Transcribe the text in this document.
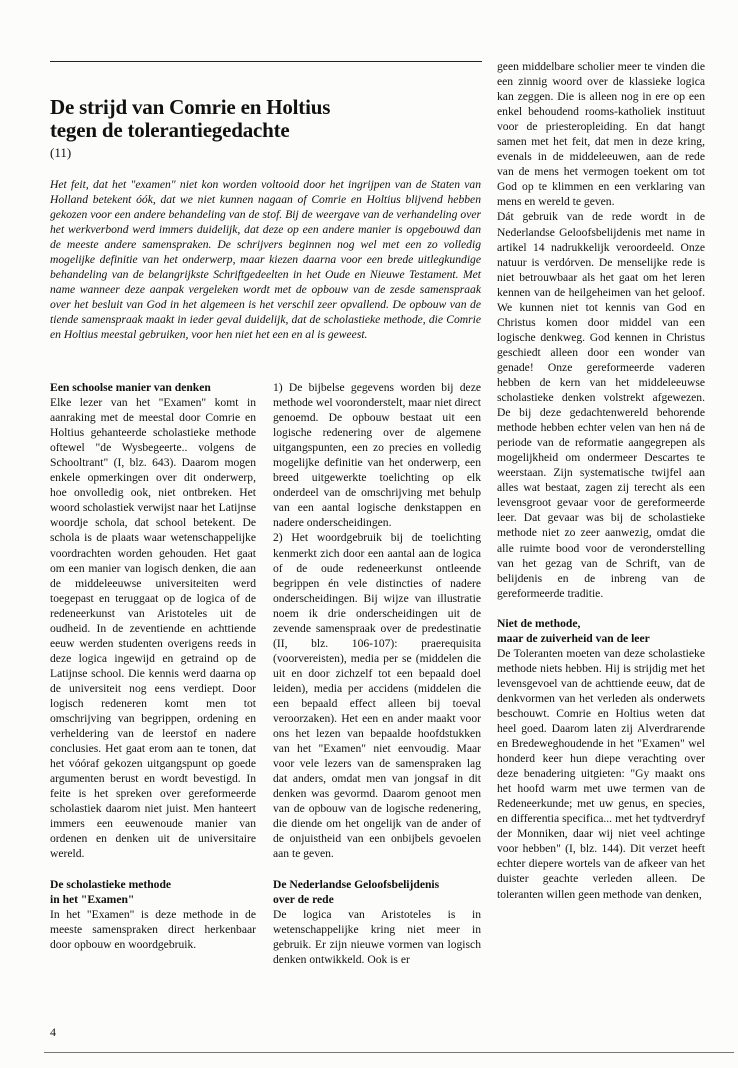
De strijd van Comrie en Holtius
tegen de tolerantiegedachte
(11)

Het feit, dat het "examen" niet kon worden voltooid door het ingrijpen van de Staten van Holland betekent óók, dat we niet kunnen nagaan of Comrie en Holtius blijvend hebben gekozen voor een andere behandeling van de stof. Bij de weergave van de verhandeling over het werkverbond werd immers duidelijk, dat deze op een andere manier is opgebouwd dan de meeste andere samenspraken. De schrijvers beginnen nog wel met een zo volledig mogelijke definitie van het onderwerp, maar kiezen daarna voor een brede uitlegkundige behandeling van de belangrijkste Schriftgedeelten in het Oude en Nieuwe Testament. Met name wanneer deze aanpak vergeleken wordt met de opbouw van de zesde samenspraak over het besluit van God in het algemeen is het verschil zeer opvallend. De opbouw van de tiende samenspraak maakt in ieder geval duidelijk, dat de scholastieke methode, die Comrie en Holtius meestal gebruiken, voor hen niet het een en al is geweest.

Een schoolse manier van denken

Elke lezer van het "Examen" komt in aanraking met de meestal door Comrie en Holtius gehanteerde scholastieke methode oftewel "de Wysbegeerte.. volgens de Schooltrant" (I, blz. 643). Daarom mogen enkele opmerkingen over dit onderwerp, hoe onvolledig ook, niet ontbreken. Het woord scholastiek verwijst naar het Latijnse woordje schola, dat school betekent. De schola is de plaats waar wetenschappelijke voordrachten worden gehouden. Het gaat om een manier van logisch denken, die aan de middeleeuwse universiteiten werd toegepast en teruggaat op de logica of de redeneerkunst van Aristoteles uit de oudheid. In de zeventiende en achttiende eeuw werden studenten overigens reeds in deze logica ingewijd en getraind op de Latijnse school. Die kennis werd daarna op de universiteit nog eens verdiept. Door logisch redeneren komt men tot omschrijving van begrippen, ordening en verheldering van de leerstof en nadere conclusies. Het gaat erom aan te tonen, dat het vóóraf gekozen uitgangspunt op goede argumenten berust en wordt bevestigd. In feite is het spreken over gereformeerde scholastiek daarom niet juist. Men hanteert immers een eeuwenoude manier van ordenen en denken uit de universitaire wereld.

De scholastieke methode
in het "Examen"

In het "Examen" is deze methode in de meeste samenspraken direct herkenbaar door opbouw en woordgebruik.

1) De bijbelse gegevens worden bij deze methode wel vooronderstelt, maar niet direct genoemd. De opbouw bestaat uit een logische redenering over de algemene uitgangspunten, een zo precies en volledig mogelijke definitie van het onderwerp, een breed uitgewerkte toelichting op elk onderdeel van de omschrijving met behulp van een aantal logische denkstappen en nadere onderscheidingen.

2) Het woordgebruik bij de toelichting kenmerkt zich door een aantal aan de logica of de oude redeneerkunst ontleende begrippen én vele distincties of nadere onderscheidingen. Bij wijze van illustratie noem ik drie onderscheidingen uit de zevende samenspraak over de predestinatie (II, blz. 106-107): praerequisita (voorvereisten), media per se (middelen die uit en door zichzelf tot een bepaald doel leiden), media per accidens (middelen die een bepaald effect alleen bij toeval veroorzaken). Het een en ander maakt voor ons het lezen van bepaalde hoofdstukken van het "Examen" niet eenvoudig. Maar voor vele lezers van de samenspraken lag dat anders, omdat men van jongsaf in dit denken was gevormd. Daarom genoot men van de opbouw van de logische redenering, die diende om het ongelijk van de ander of de onjuistheid van een onbijbels gevoelen aan te geven.

De Nederlandse Geloofsbelijdenis
over de rede

De logica van Aristoteles is in wetenschappelijke kring niet meer in gebruik. Er zijn nieuwe vormen van logisch denken ontwikkeld. Ook is er

geen middelbare scholier meer te vinden die een zinnig woord over de klassieke logica kan zeggen. Die is alleen nog in ere op een enkel behoudend rooms-katholiek instituut voor de priesteropleiding. En dat hangt samen met het feit, dat men in deze kring, evenals in de middeleeuwen, aan de rede van de mens het vermogen toekent om tot God op te klimmen en een verklaring van mens en wereld te geven.

Dát gebruik van de rede wordt in de Nederlandse Geloofsbelijdenis met name in artikel 14 nadrukkelijk veroordeeld. Onze natuur is verdórven. De menselijke rede is niet betrouwbaar als het gaat om het leren kennen van de heilgeheimen van het geloof. We kunnen niet tot kennis van God en Christus komen door middel van een logische denkweg. God kennen in Christus geschiedt alleen door een wonder van genade! Onze gereformeerde vaderen hebben de kern van het middeleeuwse scholastieke denken volstrekt afgewezen. De bij deze gedachtenwereld behorende methode hebben echter velen van hen ná de periode van de reformatie aangegrepen als mogelijkheid om ondermeer Descartes te weerstaan. Zijn systematische twijfel aan alles wat bestaat, zagen zij terecht als een levensgroot gevaar voor de gereformeerde leer. Dat gevaar was bij de scholastieke methode niet zo zeer aanwezig, omdat die alle ruimte bood voor de veronderstelling van het gezag van de Schrift, van de belijdenis en de inbreng van de gereformeerde traditie.

Niet de methode,
maar de zuiverheid van de leer

De Toleranten moeten van deze scholastieke methode niets hebben. Hij is strijdig met het levensgevoel van de achttiende eeuw, dat de denkvormen van het verleden als onderwets beschouwt. Comrie en Holtius weten dat heel goed. Daarom laten zij Alverdrагende en Bredeweghoudende in het "Examen" wel honderd keer hun diepe verachting over deze benadering uitgieten: "Gy maakt ons het hoofd warm met uwe termen van de Redeneerkunde; met uw genus, en species, en differentia specifica... met het tydtverdryf der Monniken, daar wij niet veel achtinge voor hebben" (I, blz. 144). Dit verzet heeft echter diepere wortels van de afkeer van het duister geachte verleden alleen. De toleranten willen geen methode van denken,

4
